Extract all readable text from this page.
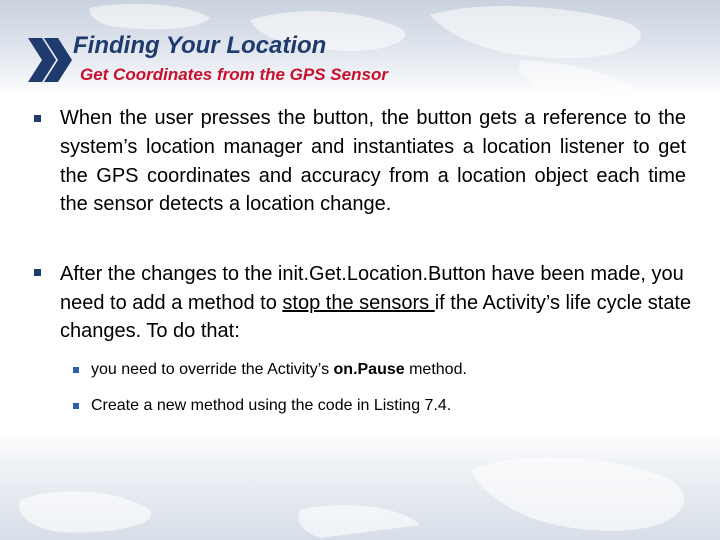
Finding Your Location
Get Coordinates from the GPS Sensor

When the user presses the button, the button gets a reference to the system’s location manager and instantiates a location listener to get the GPS coordinates and accuracy from a location object each time the sensor detects a location change.

After the changes to the init.Get.Location.Button have been made, you need to add a method to stop the sensors if the Activity’s life cycle state changes. To do that:

you need to override the Activity’s on.Pause method.

Create a new method using the code in Listing 7.4.
